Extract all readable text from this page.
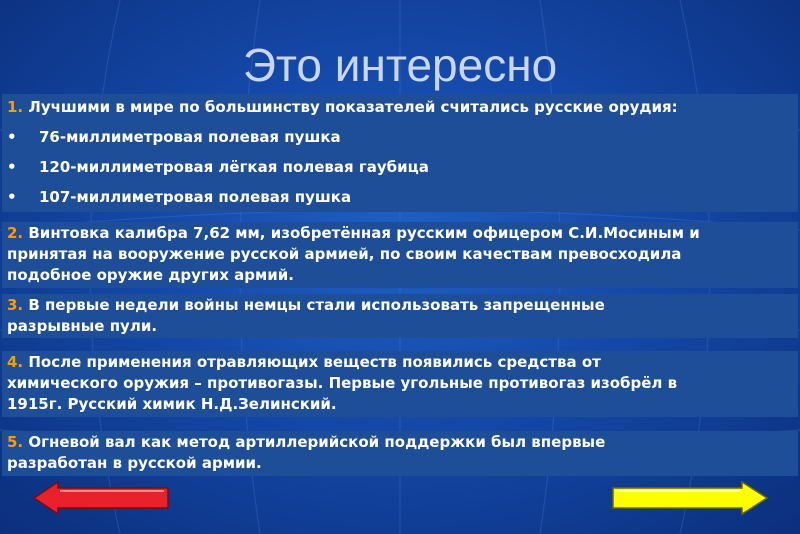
Это интересно
1. Лучшими в мире по большинству показателей считались русские орудия:
• 76-миллиметровая полевая пушка
• 120-миллиметровая лёгкая полевая гаубица
• 107-миллиметровая полевая пушка
2. Винтовка калибра 7,62 мм, изобретённая русским офицером С.И.Мосиным и
принятая на вооружение русской армией, по своим качествам превосходила
подобное оружие других армий.
3. В первые недели войны немцы стали использовать запрещенные
разрывные пули.
4. После применения отравляющих веществ появились средства от
химического оружия – противогазы. Первые угольные противогаз изобрёл в
1915г. Русский химик Н.Д.Зелинский.
5. Огневой вал как метод артиллерийской поддержки был впервые
разработан в русской армии.
